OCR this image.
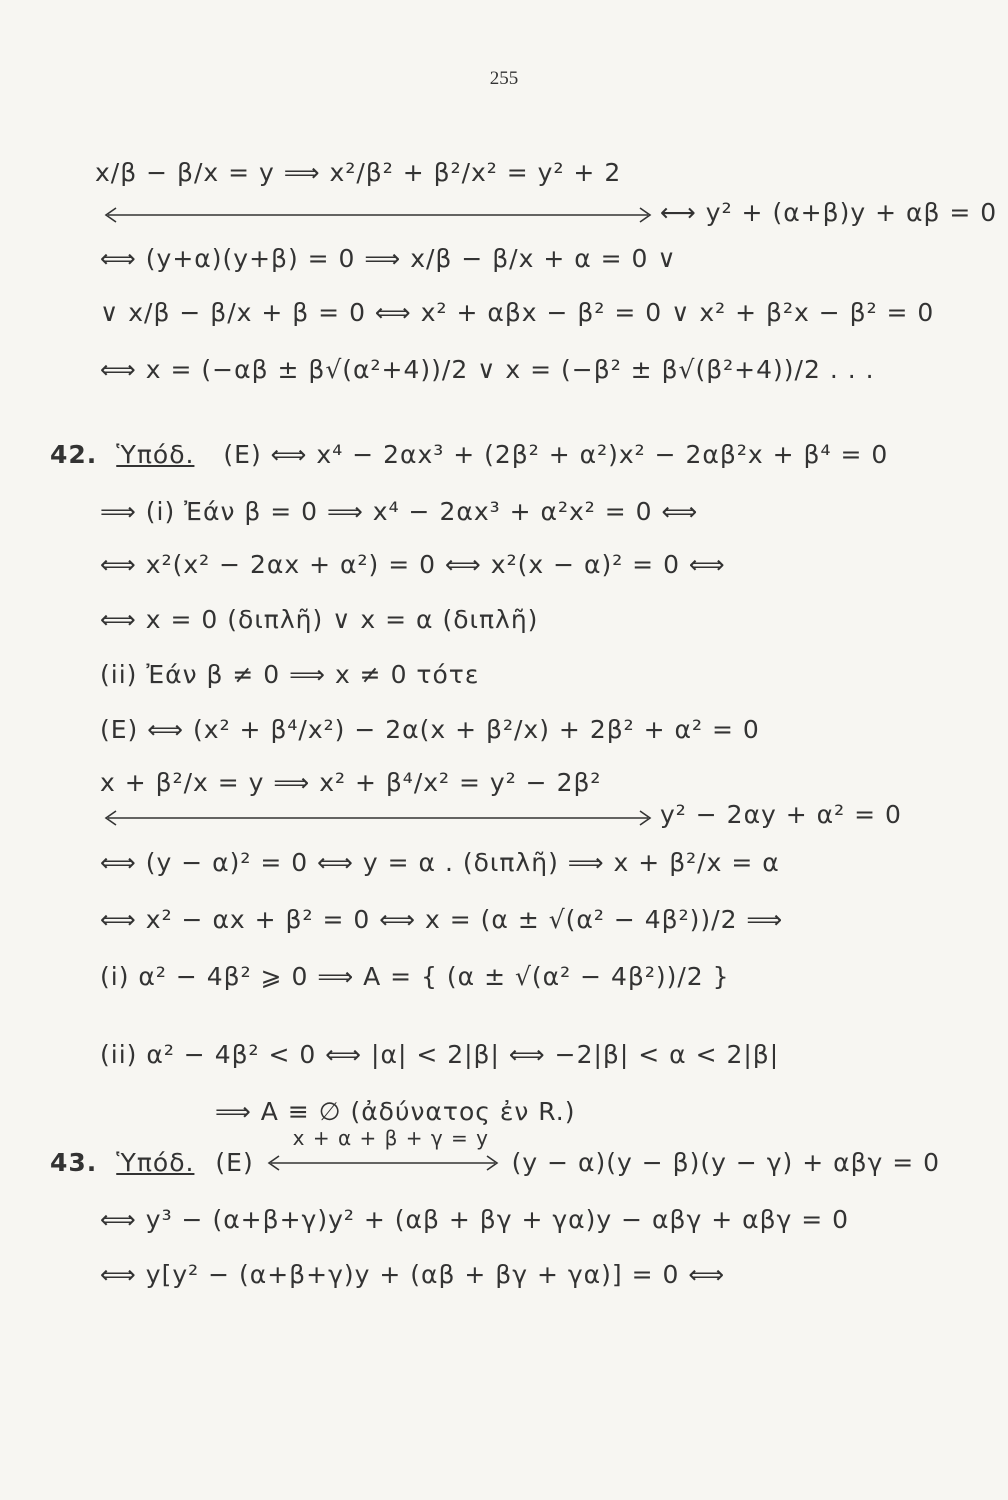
255
x/β − β/x = y ⟹ x²/β² + β²/x² = y² + 2
⟷ y² + (α+β)y + αβ = 0
⟺ (y+α)(y+β) = 0 ⟹ x/β − β/x + α = 0 ∨
∨ x/β − β/x + β = 0 ⟺ x² + αβx − β² = 0 ∨ x² + β²x − β² = 0
⟺ x = (−αβ ± β√(α²+4))/2 ∨ x = (−β² ± β√(β²+4))/2 . . .
42. Ὑπόδ. (E) ⟺ x⁴ − 2αx³ + (2β² + α²)x² − 2αβ²x + β⁴ = 0
⟹ (i) Ἐάν β = 0 ⟹ x⁴ − 2αx³ + α²x² = 0 ⟺
⟺ x²(x² − 2αx + α²) = 0 ⟺ x²(x − α)² = 0 ⟺
⟺ x = 0 (διπλῆ) ∨ x = α (διπλῆ)
(ii) Ἐάν β ≠ 0 ⟹ x ≠ 0 τότε
(E) ⟺ (x² + β⁴/x²) − 2α(x + β²/x) + 2β² + α² = 0
x + β²/x = y ⟹ x² + β⁴/x² = y² − 2β²
y² − 2αy + α² = 0
⟺ (y − α)² = 0 ⟺ y = α . (διπλῆ) ⟹ x + β²/x = α
⟺ x² − αx + β² = 0 ⟺ x = (α ± √(α² − 4β²))/2 ⟹
(i) α² − 4β² ⩾ 0 ⟹ A = { (α ± √(α² − 4β²))/2 }
(ii) α² − 4β² < 0 ⟺ |α| < 2|β| ⟺ −2|β| < α < 2|β|
⟹ A ≡ ∅ (ἀδύνατος ἐν R.)
43. Ὑπόδ. (E)
x + α + β + γ = y
(y − α)(y − β)(y − γ) + αβγ = 0
⟺ y³ − (α+β+γ)y² + (αβ + βγ + γα)y − αβγ + αβγ = 0
⟺ y[y² − (α+β+γ)y + (αβ + βγ + γα)] = 0 ⟺
